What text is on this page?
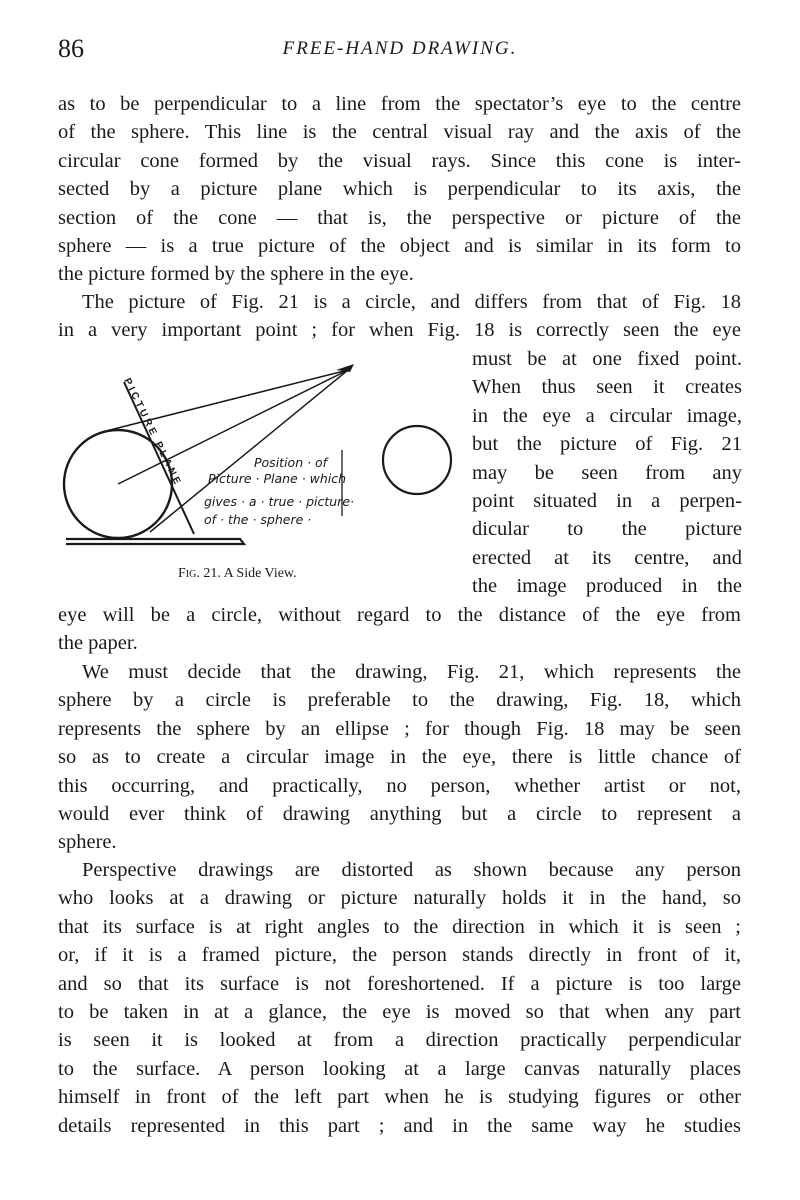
86	FREE-HAND DRAWING.
as to be perpendicular to a line from the spectator’s eye to the centre
of the sphere. This line is the central visual ray and the axis of the
circular cone formed by the visual rays. Since this cone is inter-
sected by a picture plane which is perpendicular to its axis, the
section of the cone — that is, the perspective or picture of the
sphere — is a true picture of the object and is similar in its form to
the picture formed by the sphere in the eye.
The picture of Fig. 21 is a circle, and differs from that of Fig. 18
in a very important point ; for when Fig. 18 is correctly seen the eye
must be at one fixed point.
When thus seen it creates
in the eye a circular image,
but the picture of Fig. 21
may be seen from any
point situated in a perpen-
dicular to the picture
erected at its centre, and
the image produced in the
PICTURE PLANE	Position · of
Picture · Plane · which
gives · a · true · picture·
of · the · sphere ·
Fig. 21. A Side View.
eye will be a circle, without regard to the distance of the eye from
the paper.
We must decide that the drawing, Fig. 21, which represents the
sphere by a circle is preferable to the drawing, Fig. 18, which
represents the sphere by an ellipse ; for though Fig. 18 may be seen
so as to create a circular image in the eye, there is little chance of
this occurring, and practically, no person, whether artist or not,
would ever think of drawing anything but a circle to represent a
sphere.
Perspective drawings are distorted as shown because any person
who looks at a drawing or picture naturally holds it in the hand, so
that its surface is at right angles to the direction in which it is seen ;
or, if it is a framed picture, the person stands directly in front of it,
and so that its surface is not foreshortened. If a picture is too large
to be taken in at a glance, the eye is moved so that when any part
is seen it is looked at from a direction practically perpendicular
to the surface. A person looking at a large canvas naturally places
himself in front of the left part when he is studying figures or other
details represented in this part ; and in the same way he studies
